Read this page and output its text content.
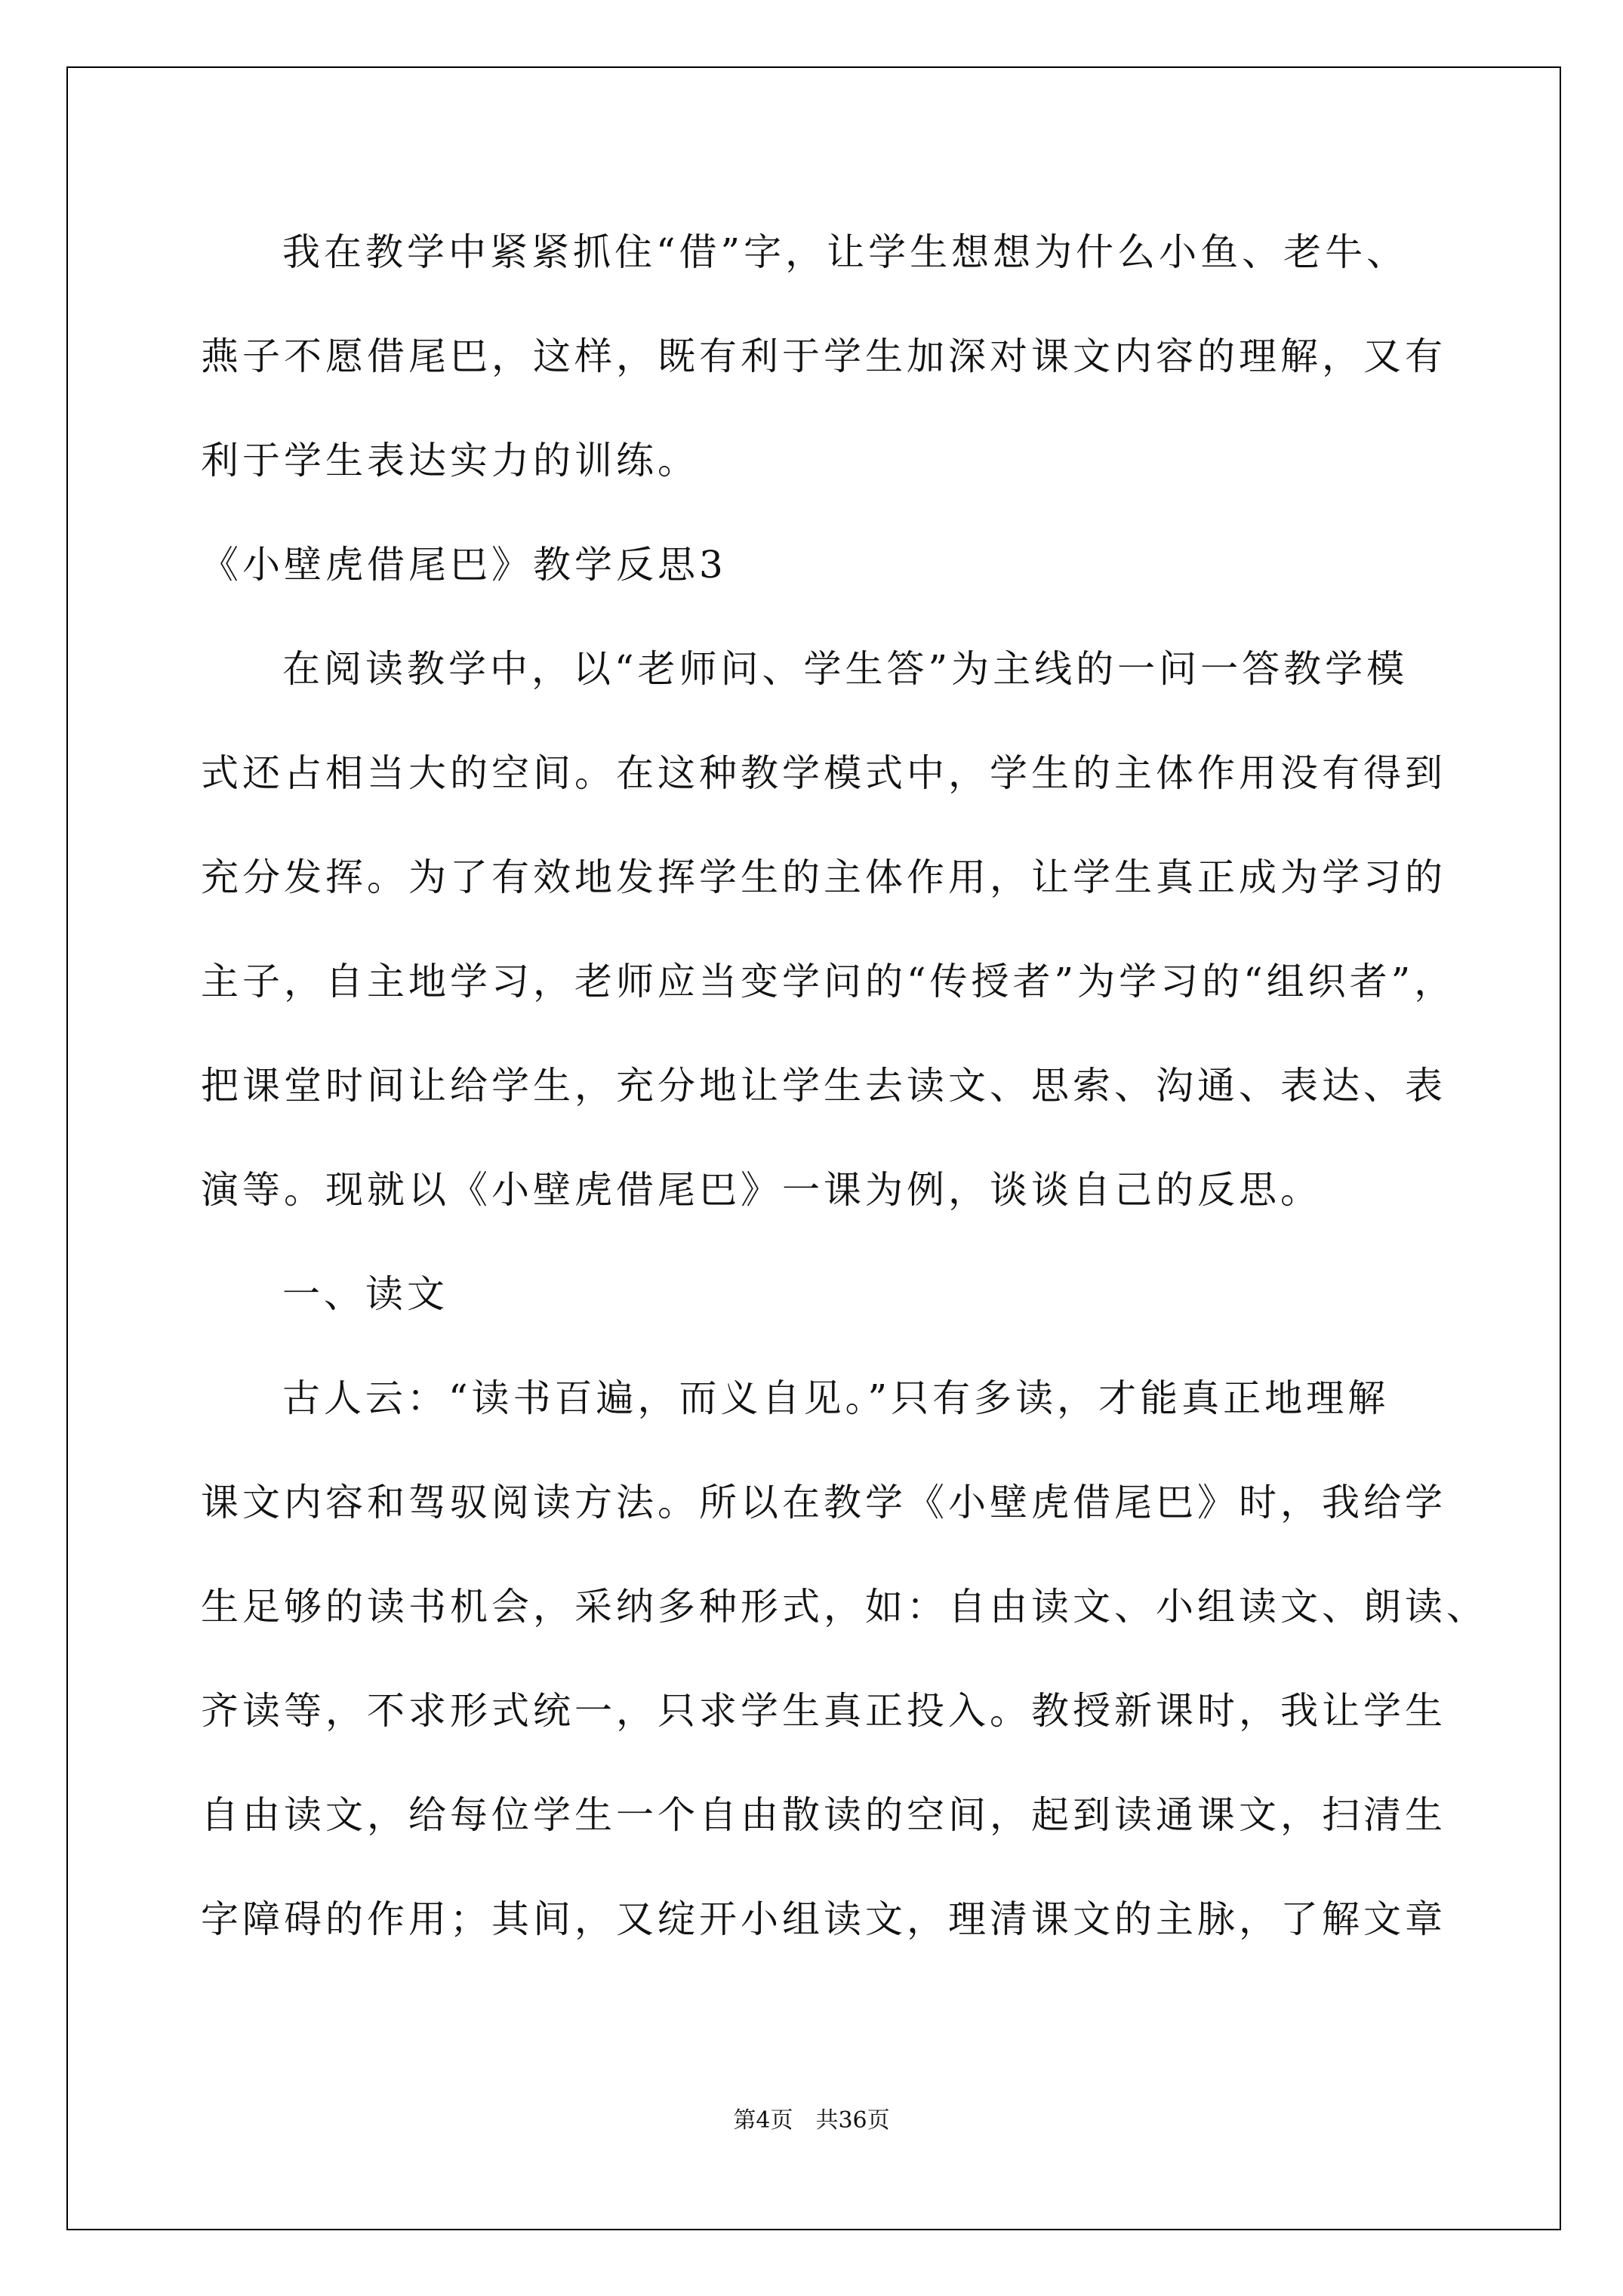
我在教学中紧紧抓住“借”字，让学生想想为什么小鱼、老牛、
燕子不愿借尾巴，这样，既有利于学生加深对课文内容的理解，又有
利于学生表达实力的训练。
《小壁虎借尾巴》教学反思3
在阅读教学中，以“老师问、学生答”为主线的一问一答教学模
式还占相当大的空间。在这种教学模式中，学生的主体作用没有得到
充分发挥。为了有效地发挥学生的主体作用，让学生真正成为学习的
主子，自主地学习，老师应当变学问的“传授者”为学习的“组织者”，
把课堂时间让给学生，充分地让学生去读文、思索、沟通、表达、表
演等。现就以《小壁虎借尾巴》一课为例，谈谈自己的反思。
一、读文
古人云：“读书百遍，而义自见。”只有多读，才能真正地理解
课文内容和驾驭阅读方法。所以在教学《小壁虎借尾巴》时，我给学
生足够的读书机会，采纳多种形式，如：自由读文、小组读文、朗读、
齐读等，不求形式统一，只求学生真正投入。教授新课时，我让学生
自由读文，给每位学生一个自由散读的空间，起到读通课文，扫清生
字障碍的作用；其间，又绽开小组读文，理清课文的主脉，了解文章
第4页　共36页
